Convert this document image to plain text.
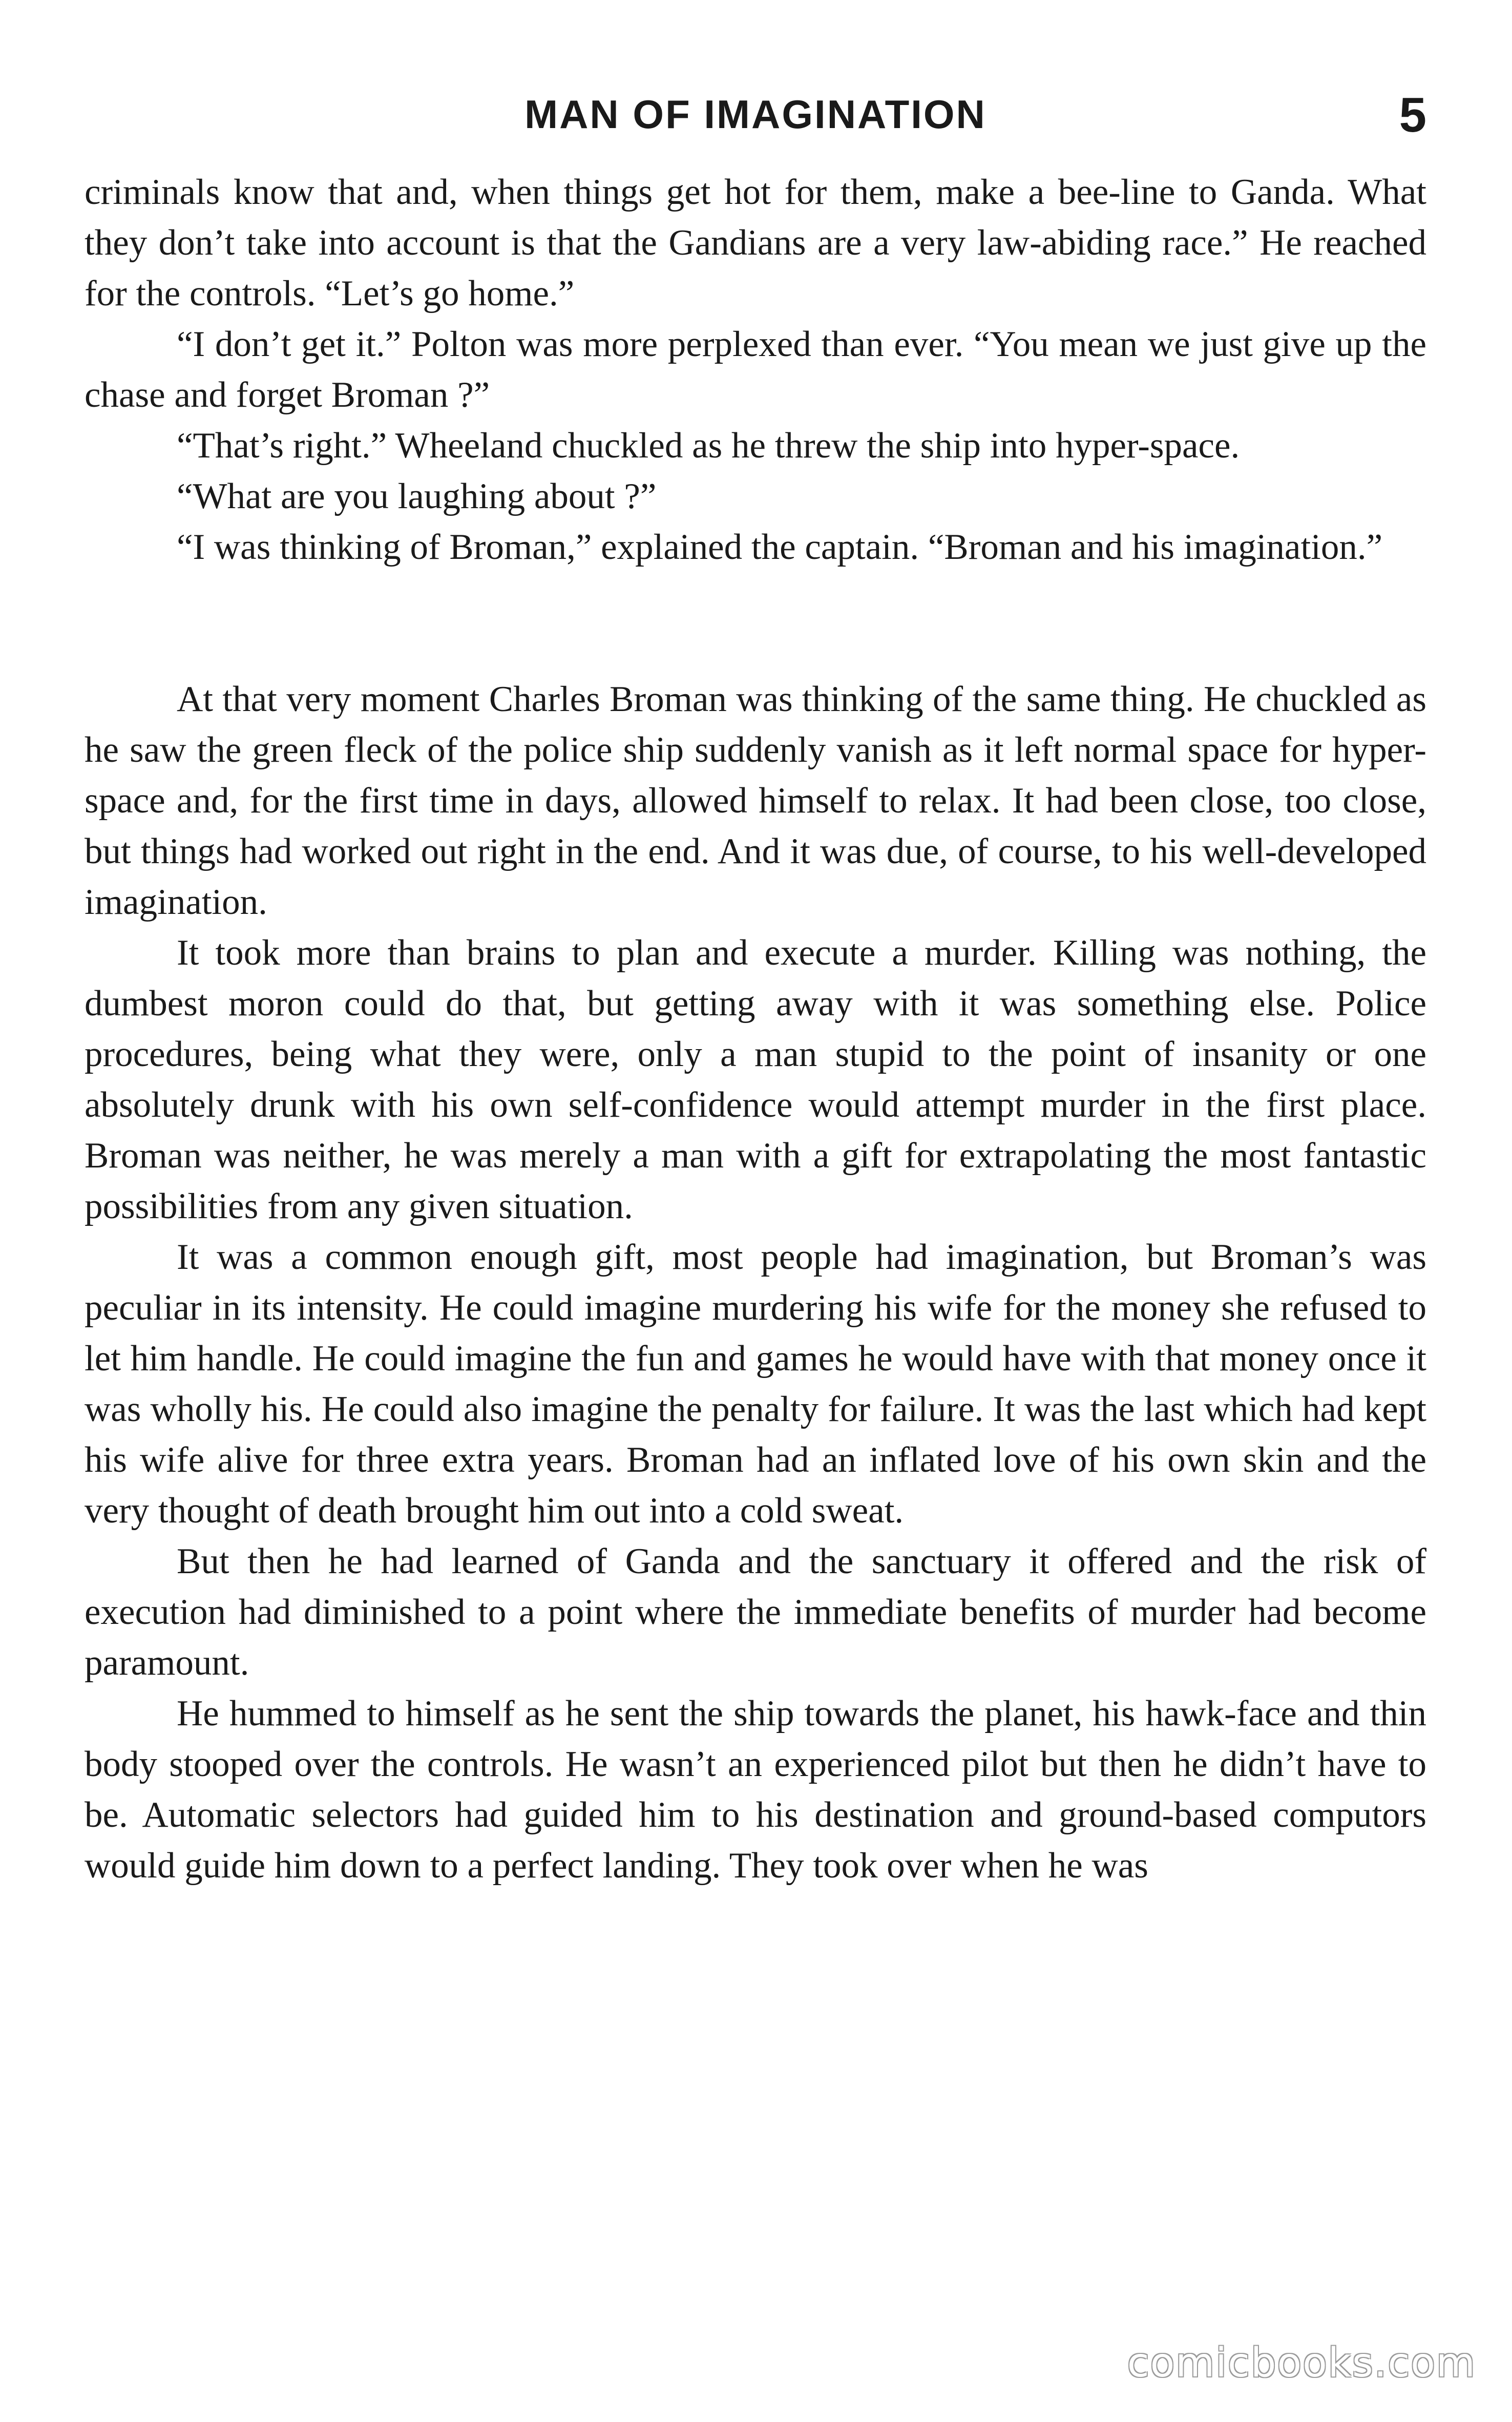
MAN OF IMAGINATION	5

criminals know that and, when things get hot for them, make a bee-line to Ganda. What they don’t take into account is that the Gandians are a very law-abiding race.” He reached for the controls. “Let’s go home.”

“I don’t get it.” Polton was more perplexed than ever. “You mean we just give up the chase and forget Broman ?”

“That’s right.” Wheeland chuckled as he threw the ship into hyper-space.

“What are you laughing about ?”

“I was thinking of Broman,” explained the captain. “Broman and his imagination.”

At that very moment Charles Broman was thinking of the same thing. He chuckled as he saw the green fleck of the police ship suddenly vanish as it left normal space for hyper-space and, for the first time in days, allowed himself to relax. It had been close, too close, but things had worked out right in the end. And it was due, of course, to his well-developed imagination.

It took more than brains to plan and execute a murder. Killing was nothing, the dumbest moron could do that, but getting away with it was something else. Police procedures, being what they were, only a man stupid to the point of insanity or one absolutely drunk with his own self-confidence would attempt murder in the first place. Broman was neither, he was merely a man with a gift for extrapolating the most fantastic possibilities from any given situation.

It was a common enough gift, most people had imagination, but Broman’s was peculiar in its intensity. He could imagine murdering his wife for the money she refused to let him handle. He could imagine the fun and games he would have with that money once it was wholly his. He could also imagine the penalty for failure. It was the last which had kept his wife alive for three extra years. Broman had an inflated love of his own skin and the very thought of death brought him out into a cold sweat.

But then he had learned of Ganda and the sanctuary it offered and the risk of execution had diminished to a point where the immediate benefits of murder had become paramount.

He hummed to himself as he sent the ship towards the planet, his hawk-face and thin body stooped over the controls. He wasn’t an experienced pilot but then he didn’t have to be. Automatic selectors had guided him to his destination and ground-based computors would guide him down to a perfect landing. They took over when he was

comicbooks.com
